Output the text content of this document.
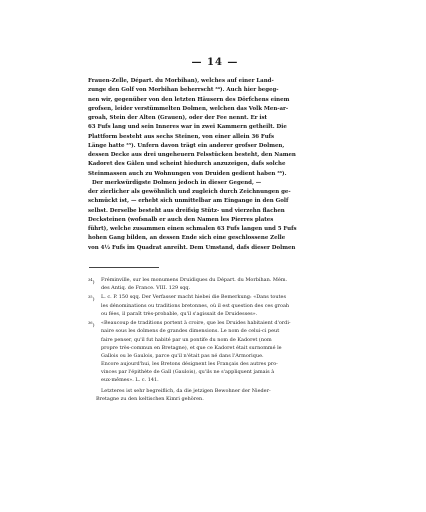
— 14 —

Frauen-Zelle, Départ. du Morbihan), welches auf einer Land-

zunge den Golf von Morbihan beherrscht ³⁴). Auch hier begeg-

nen wir, gegenüber von den letzten Häusern des Dörfchens einem

grofsen, leider verstümmelten Dolmen, welchen das Volk Men-ar-

groah, Stein der Alten (Grauen), oder der Fee nennt. Er ist

63 Fufs lang und sein Inneres war in zwei Kammern getheilt. Die

Plattform besteht aus sechs Steinen, von einer allein 36 Fufs

Länge hatte ³⁵). Unfern davon trägt ein anderer grofser Dolmen,

dessen Decke aus drei ungeheuern Felsstücken besteht, den Namen

Kadoret des Gâlen und scheint hiedurch anzuzeigen, dafs solche

Steinmassen auch zu Wohnungen von Druiden gedient haben ³⁶).

Der merkwürdigste Dolmen jedoch in dieser Gegend, —

der zierlicher als gewöhnlich und zugleich durch Zeichnungen ge-

schmückt ist, — erhebt sich unmittelbar am Eingange in den Golf

selbst. Derselbe besteht aus dreifsig Stütz- und vierzehn flachen

Decksteinen (wofsnalb er auch den Namen les Pierres plates

führt), welche zusammen einen schmalen 63 Fufs langen und 5 Fufs

hohen Gang bilden, an dessen Ende sich eine geschlossene Zelle

von 4½ Fufs im Quadrat anreiht. Dem Umstand, dafs dieser Dolmen

$^{34}$)	Fréminville, sur les monumens Druidiques du Départ. du Morbihan. Mém.
des Antiq. de France. VIII. 129 sqq.
$^{35}$)	L. c. P. 150 sqq. Der Verfasser macht hiebei die Bemerkung: «Dans toutes
les dénominations ou traditions bretonnes, où il est question des ces groah
ou fées, il paraît très-probable, qu'il s'agissait de Druidesses».
$^{36}$)	«Beaucoup de traditions portent à croire, que les Druides habitaient d'ordi-
naire sous les dolmens de grandes dimensions. Le nom de celui-ci peut
faire penser, qu'il fut habité par un pontife du nom de Kadoret (nom
propre très-commun en Bretagne), et que ce Kadoret était surnommé le
Gallois ou le Gaulois, parce qu'il n'était pas né dans l'Armorique.
Encore aujourd'hui, les Bretons désignent les Français des autres pro-
vinces par l'épithète de Gall (Gaulois), qu'ils ne s'appliquent jamais à
eux-mêmes». L. c. 141.
Letzteres ist sehr begreiflich, da die jetzigen Bewohner der Nieder-
Bretagne zu den keltischen Kimri gehören.
